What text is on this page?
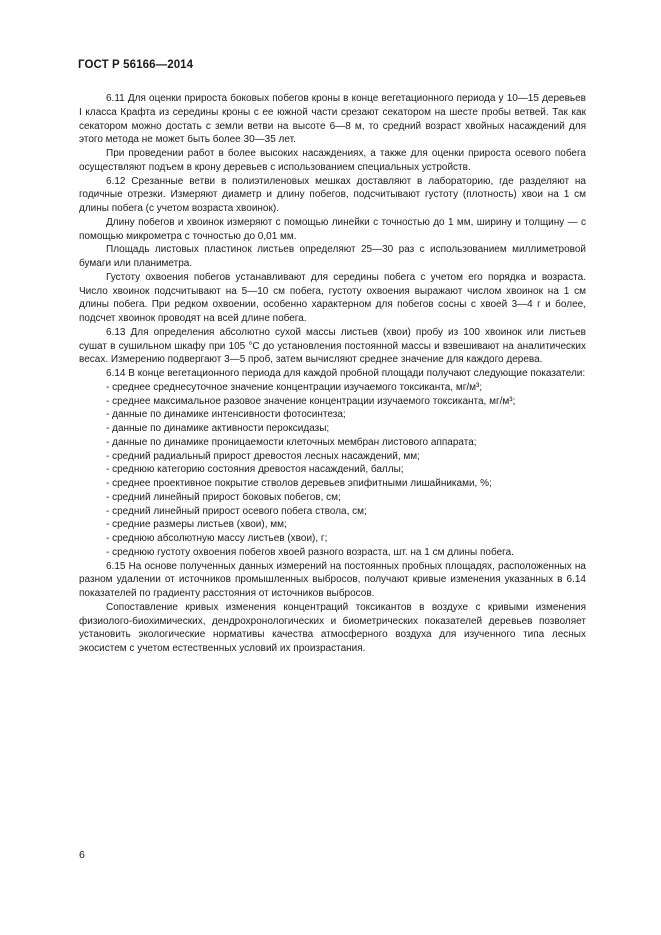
ГОСТ Р 56166—2014

6.11 Для оценки прироста боковых побегов кроны в конце вегетационного периода у 10—15 деревьев I класса Крафта из середины кроны с ее южной части срезают секатором на шесте пробы ветвей. Так как секатором можно достать с земли ветви на высоте 6—8 м, то средний возраст хвойных насаждений для этого метода не может быть более 30—35 лет.

При проведении работ в более высоких насаждениях, а также для оценки прироста осевого побега осуществляют подъем в крону деревьев с использованием специальных устройств.

6.12 Срезанные ветви в полиэтиленовых мешках доставляют в лабораторию, где разделяют на годичные отрезки. Измеряют диаметр и длину побегов, подсчитывают густоту (плотность) хвои на 1 см длины побега (с учетом возраста хвоинок).

Длину побегов и хвоинок измеряют с помощью линейки с точностью до 1 мм, ширину и толщину — с помощью микрометра с точностью до 0,01 мм.

Площадь листовых пластинок листьев определяют 25—30 раз с использованием миллиметровой бумаги или планиметра.

Густоту охвоения побегов устанавливают для середины побега с учетом его порядка и возраста. Число хвоинок подсчитывают на 5—10 см побега, густоту охвоения выражают числом хвоинок на 1 см длины побега. При редком охвоении, особенно характерном для побегов сосны с хвоей 3—4 г и более, подсчет хвоинок проводят на всей длине побега.

6.13 Для определения абсолютно сухой массы листьев (хвои) пробу из 100 хвоинок или листьев сушат в сушильном шкафу при 105 °С до установления постоянной массы и взвешивают на аналитических весах. Измерению подвергают 3—5 проб, затем вычисляют среднее значение для каждого дерева.

6.14 В конце вегетационного периода для каждой пробной площади получают следующие показатели:

- среднее среднесуточное значение концентрации изучаемого токсиканта, мг/м³;

- среднее максимальное разовое значение концентрации изучаемого токсиканта, мг/м³;

- данные по динамике интенсивности фотосинтеза;

- данные по динамике активности пероксидазы;

- данные по динамике проницаемости клеточных мембран листового аппарата;

- средний радиальный прирост древостоя лесных насаждений, мм;

- среднюю категорию состояния древостоя насаждений, баллы;

- среднее проективное покрытие стволов деревьев эпифитными лишайниками, %;

- средний линейный прирост боковых побегов, см;

- средний линейный прирост осевого побега ствола, см;

- средние размеры листьев (хвои), мм;

- среднюю абсолютную массу листьев (хвои), г;

- среднюю густоту охвоения побегов хвоей разного возраста, шт. на 1 см длины побега.

6.15 На основе полученных данных измерений на постоянных пробных площадях, расположенных на разном удалении от источников промышленных выбросов, получают кривые изменения указанных в 6.14 показателей по градиенту расстояния от источников выбросов.

Сопоставление кривых изменения концентраций токсикантов в воздухе с кривыми изменения физиолого-биохимических, дендрохронологических и биометрических показателей деревьев позволяет установить экологические нормативы качества атмосферного воздуха для изученного типа лесных экосистем с учетом естественных условий их произрастания.

6
